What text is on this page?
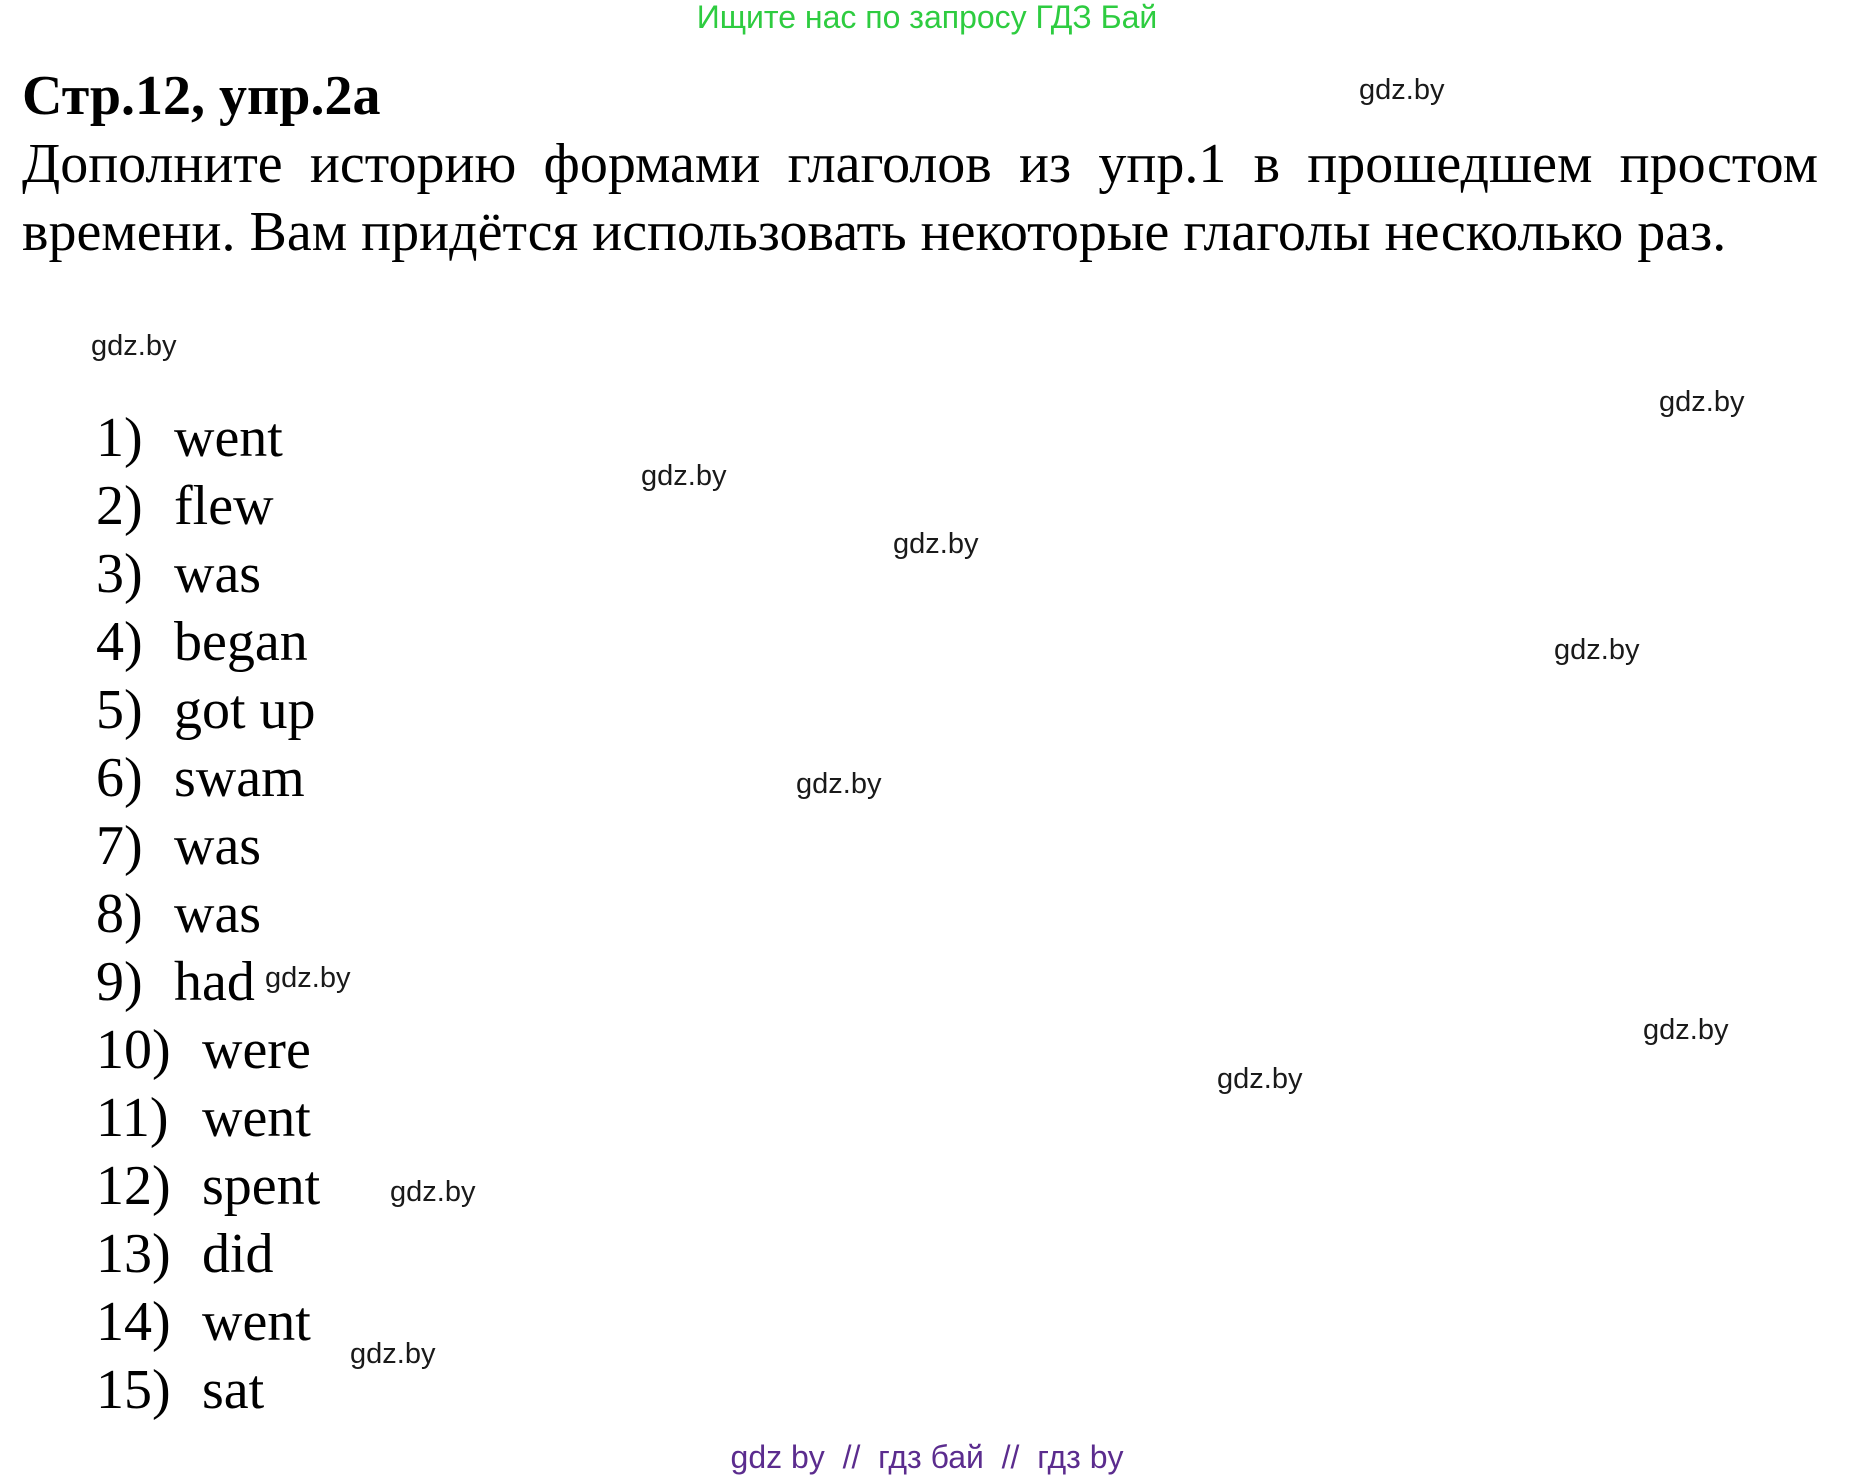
Ищите нас по запросу ГДЗ Бай
Стр.12, упр.2а

Дополните историю формами глаголов из упр.1 в прошедшем простом времени. Вам придётся использовать некоторые глаголы несколько раз.

1) went
2) flew
3) was
4) began
5) got up
6) swam
7) was
8) was
9) had
10) were
11) went
12) spent
13) did
14) went
15) sat
gdz.by
gdz.by
gdz.by
gdz.by
gdz.by
gdz.by
gdz.by
gdz.by
gdz.by
gdz.by
gdz.by
gdz.by
gdz by  //  гдз бай  //  гдз by
